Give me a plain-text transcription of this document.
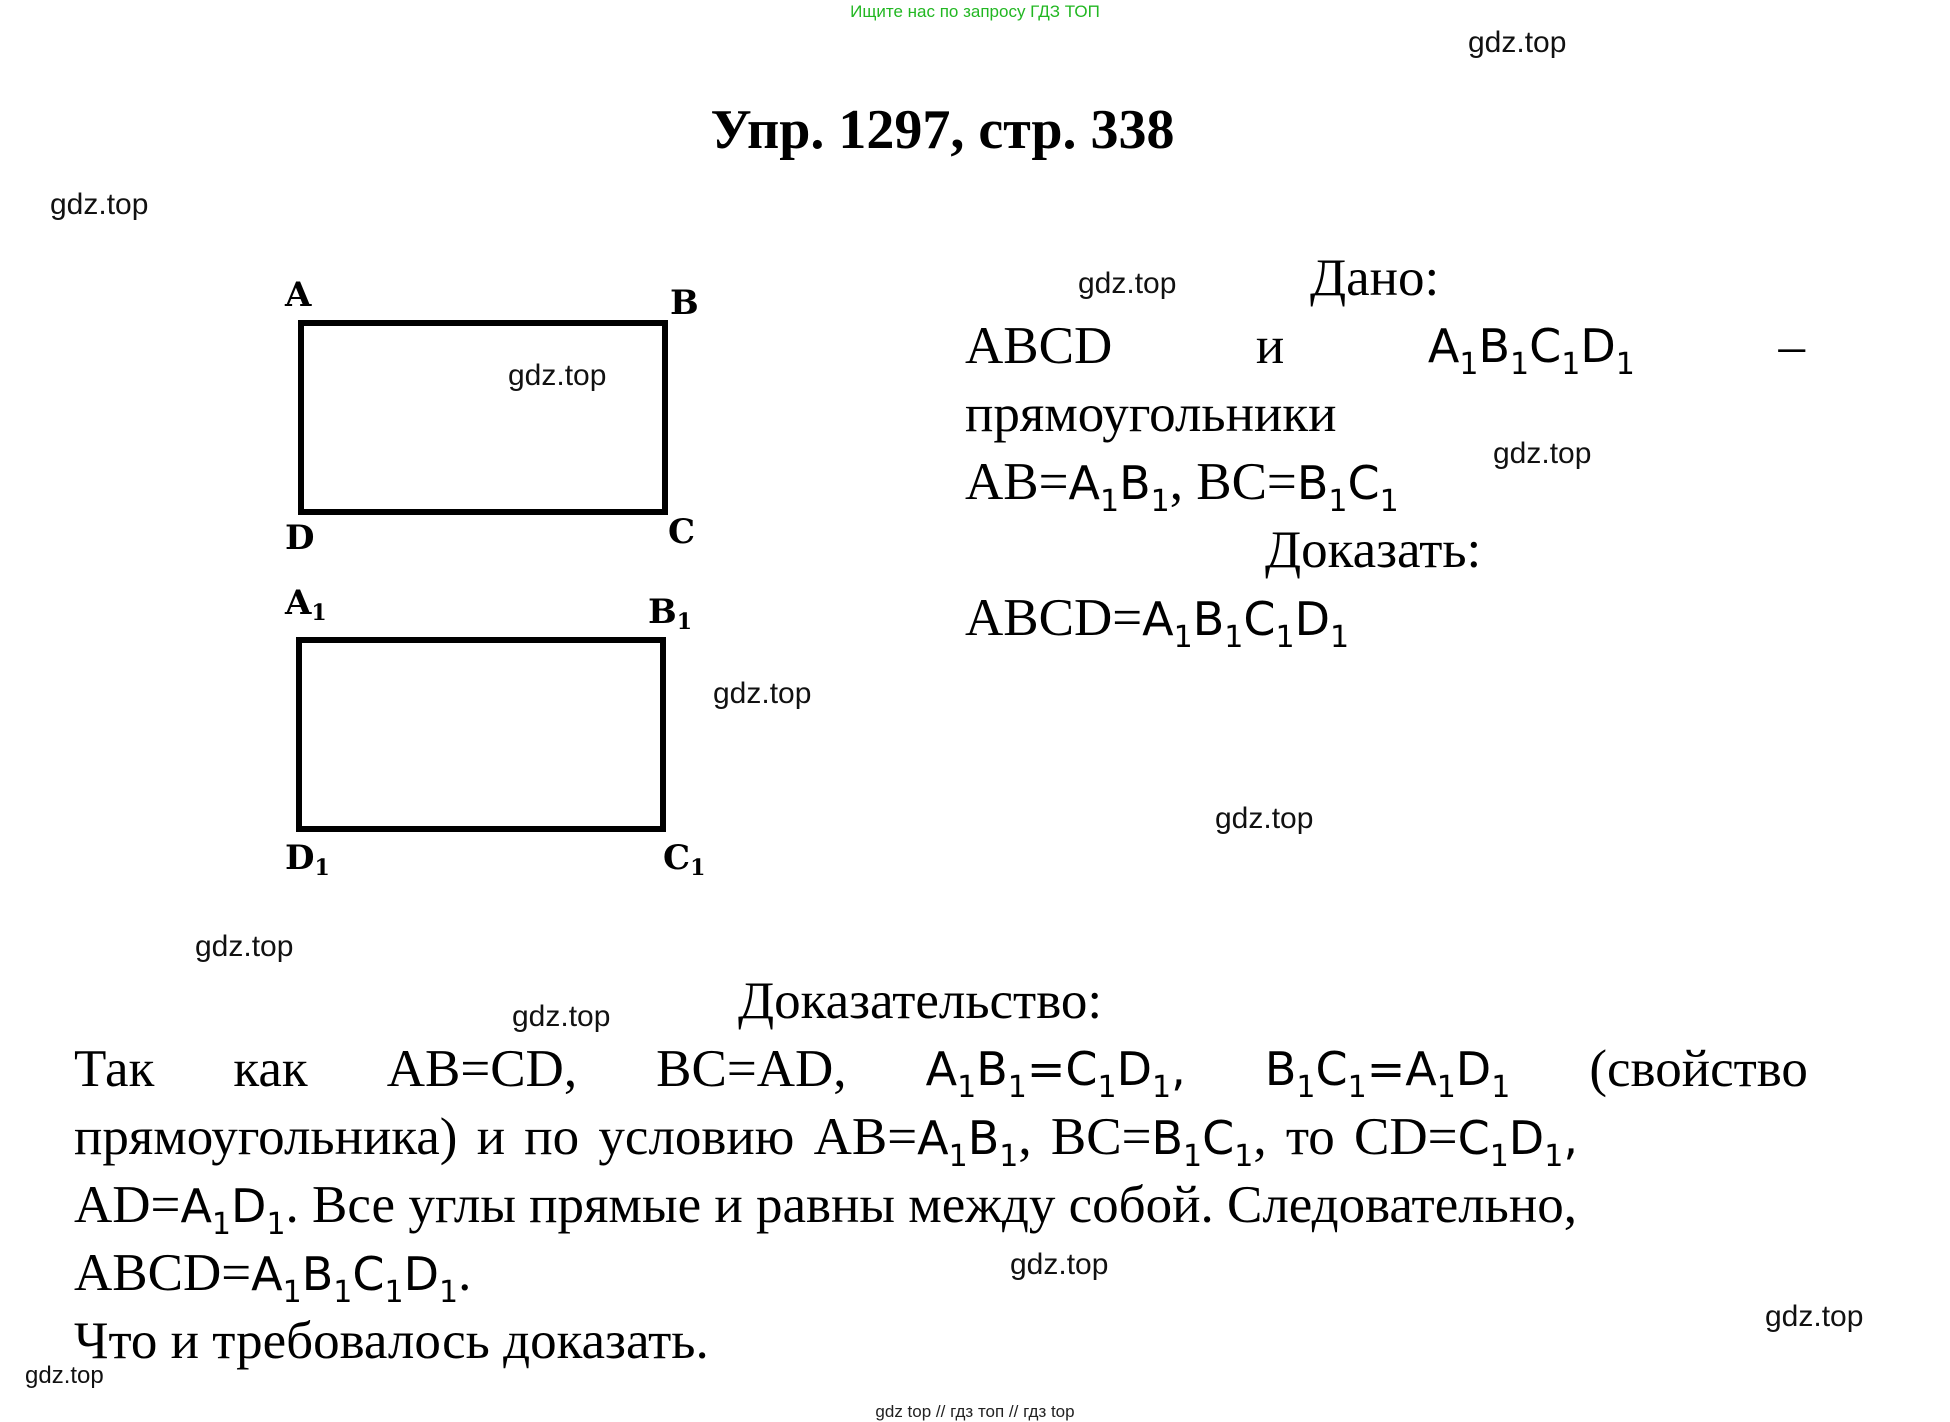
Ищите нас по запросу ГДЗ ТОП
gdz.top
Упр. 1297, стр. 338
gdz.top
A	B
C
D
gdz.top
$A_1$	$B_1$
$C_1$
$D_1$
gdz.top
gdz.top
gdz.top	Дано:
ABCD	и	$A_1B_1C_1D_1$	–
прямоугольники
$AB=A_1B_1$, $BC=B_1C_1$
gdz.top
Доказать:
$ABCD=A_1B_1C_1D_1$
gdz.top
gdz.top Доказательство:
Так как AB=CD, BC=AD, $A_1B_1=C_1D_1$, $B_1C_1=A_1D_1$ (свойство
прямоугольника) и по условию $AB=A_1B_1$, $BC=B_1C_1$, то $CD=C_1D_1$,
$AD=A_1D_1$. Все углы прямые и равны между собой. Следовательно,
$ABCD=A_1B_1C_1D_1$.	gdz.top
Что и требовалось доказать.	gdz.top
gdz.top
gdz top // гдз топ // гдз top
